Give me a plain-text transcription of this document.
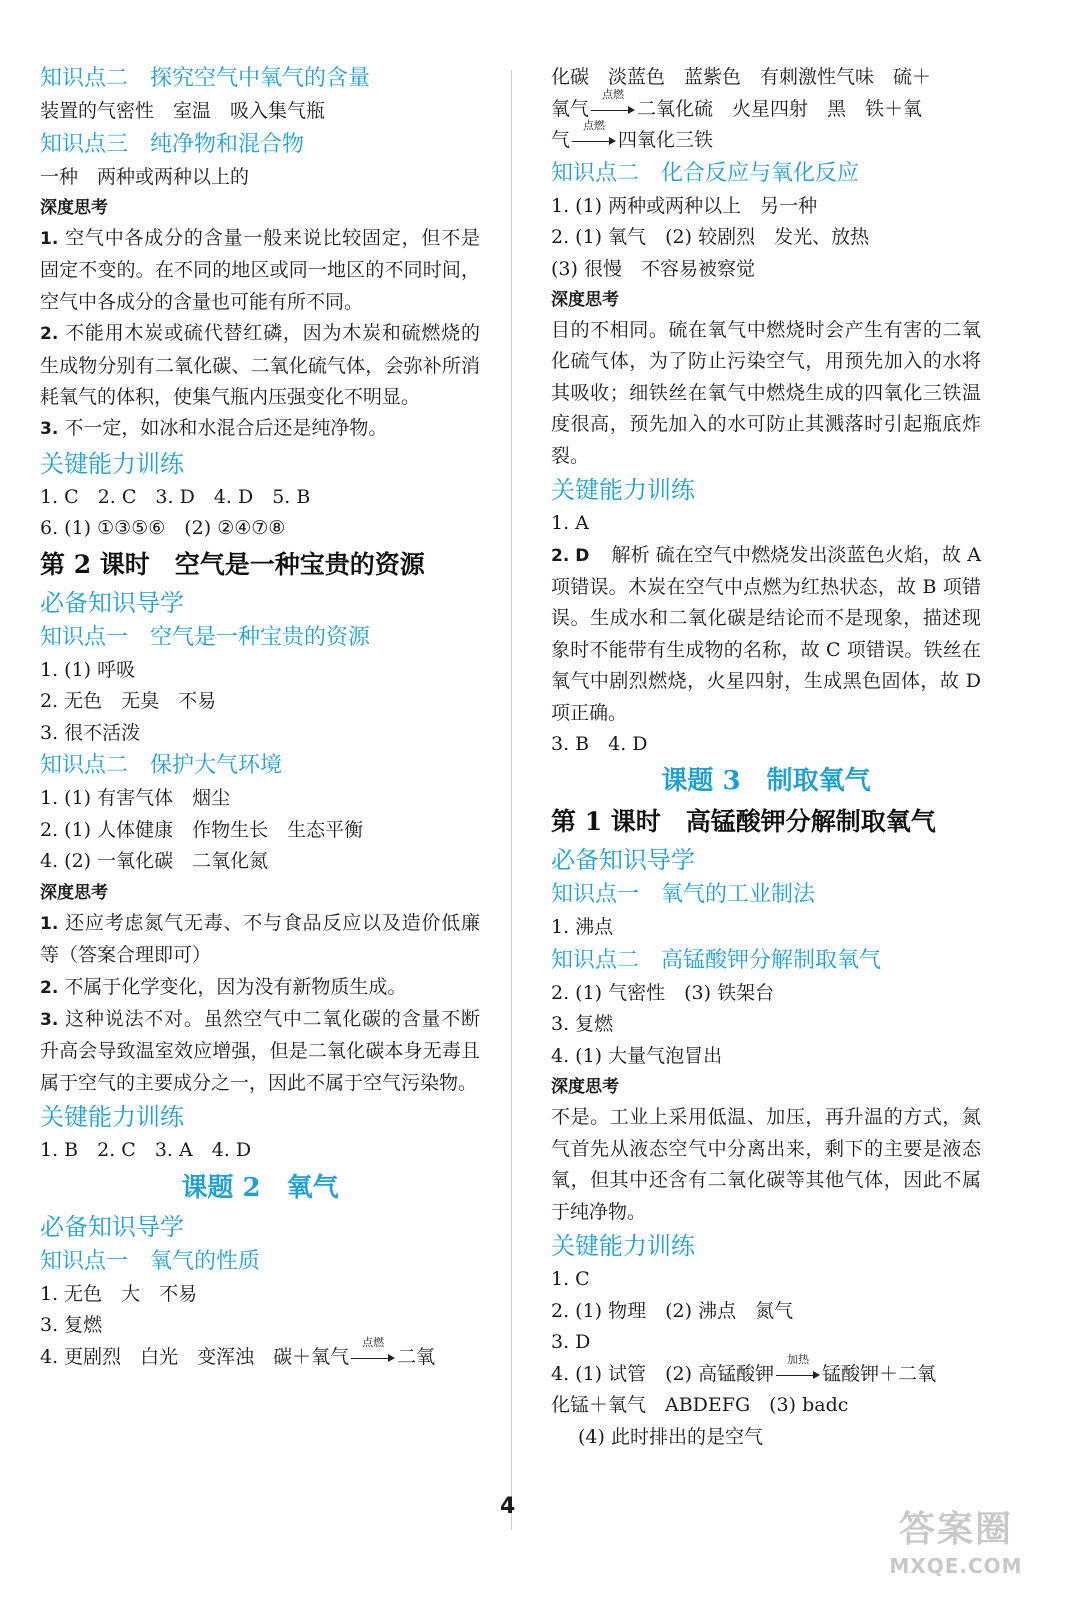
知识点二　探究空气中氧气的含量
装置的气密性　室温　吸入集气瓶
知识点三　纯净物和混合物
一种　两种或两种以上的
深度思考
1. 空气中各成分的含量一般来说比较固定，但不是固定不变的。在不同的地区或同一地区的不同时间，空气中各成分的含量也可能有所不同。
2. 不能用木炭或硫代替红磷，因为木炭和硫燃烧的生成物分别有二氧化碳、二氧化硫气体，会弥补所消耗氧气的体积，使集气瓶内压强变化不明显。
3. 不一定，如冰和水混合后还是纯净物。
关键能力训练
1. C　2. C　3. D　4. D　5. B
6. (1) ①③⑤⑥　(2) ②④⑦⑧
第 2 课时　空气是一种宝贵的资源
必备知识导学
知识点一　空气是一种宝贵的资源
1. (1) 呼吸
2. 无色　无臭　不易
3. 很不活泼
知识点二　保护大气环境
1. (1) 有害气体　烟尘
2. (1) 人体健康　作物生长　生态平衡
4. (2) 一氧化碳　二氧化氮
深度思考
1. 还应考虑氮气无毒、不与食品反应以及造价低廉等（答案合理即可）
2. 不属于化学变化，因为没有新物质生成。
3. 这种说法不对。虽然空气中二氧化碳的含量不断升高会导致温室效应增强，但是二氧化碳本身无毒且属于空气的主要成分之一，因此不属于空气污染物。
关键能力训练
1. B　2. C　3. A　4. D
课题 2　氧气
必备知识导学
知识点一　氧气的性质
1. 无色　大　不易
3. 复燃
4. 更剧烈　白光　变浑浊　碳＋氧气
点燃
二氧
化碳　淡蓝色　蓝紫色　有刺激性气味　硫＋
氧气
点燃
二氧化硫　火星四射　黑　铁＋氧
气
点燃
四氧化三铁
知识点二　化合反应与氧化反应
1. (1) 两种或两种以上　另一种
2. (1) 氧气　(2) 较剧烈　发光、放热
(3) 很慢　不容易被察觉
深度思考
目的不相同。硫在氧气中燃烧时会产生有害的二氧化硫气体，为了防止污染空气，用预先加入的水将其吸收；细铁丝在氧气中燃烧生成的四氧化三铁温度很高，预先加入的水可防止其溅落时引起瓶底炸裂。
关键能力训练
1. A
2. D 解析 硫在空气中燃烧发出淡蓝色火焰，故 A 项错误。木炭在空气中点燃为红热状态，故 B 项错误。生成水和二氧化碳是结论而不是现象，描述现象时不能带有生成物的名称，故 C 项错误。铁丝在氧气中剧烈燃烧，火星四射，生成黑色固体，故 D 项正确。
3. B　4. D
课题 3　制取氧气
第 1 课时　高锰酸钾分解制取氧气
必备知识导学
知识点一　氧气的工业制法
1. 沸点
知识点二　高锰酸钾分解制取氧气
2. (1) 气密性　(3) 铁架台
3. 复燃
4. (1) 大量气泡冒出
深度思考
不是。工业上采用低温、加压，再升温的方式，氮气首先从液态空气中分离出来，剩下的主要是液态氧，但其中还含有二氧化碳等其他气体，因此不属于纯净物。
关键能力训练
1. C
2. (1) 物理　(2) 沸点　氮气
3. D
4. (1) 试管　(2) 高锰酸钾
加热
锰酸钾＋二氧
化锰＋氧气　ABDEFG　(3) badc
(4) 此时排出的是空气
4
答案圈
MXQE.COM
